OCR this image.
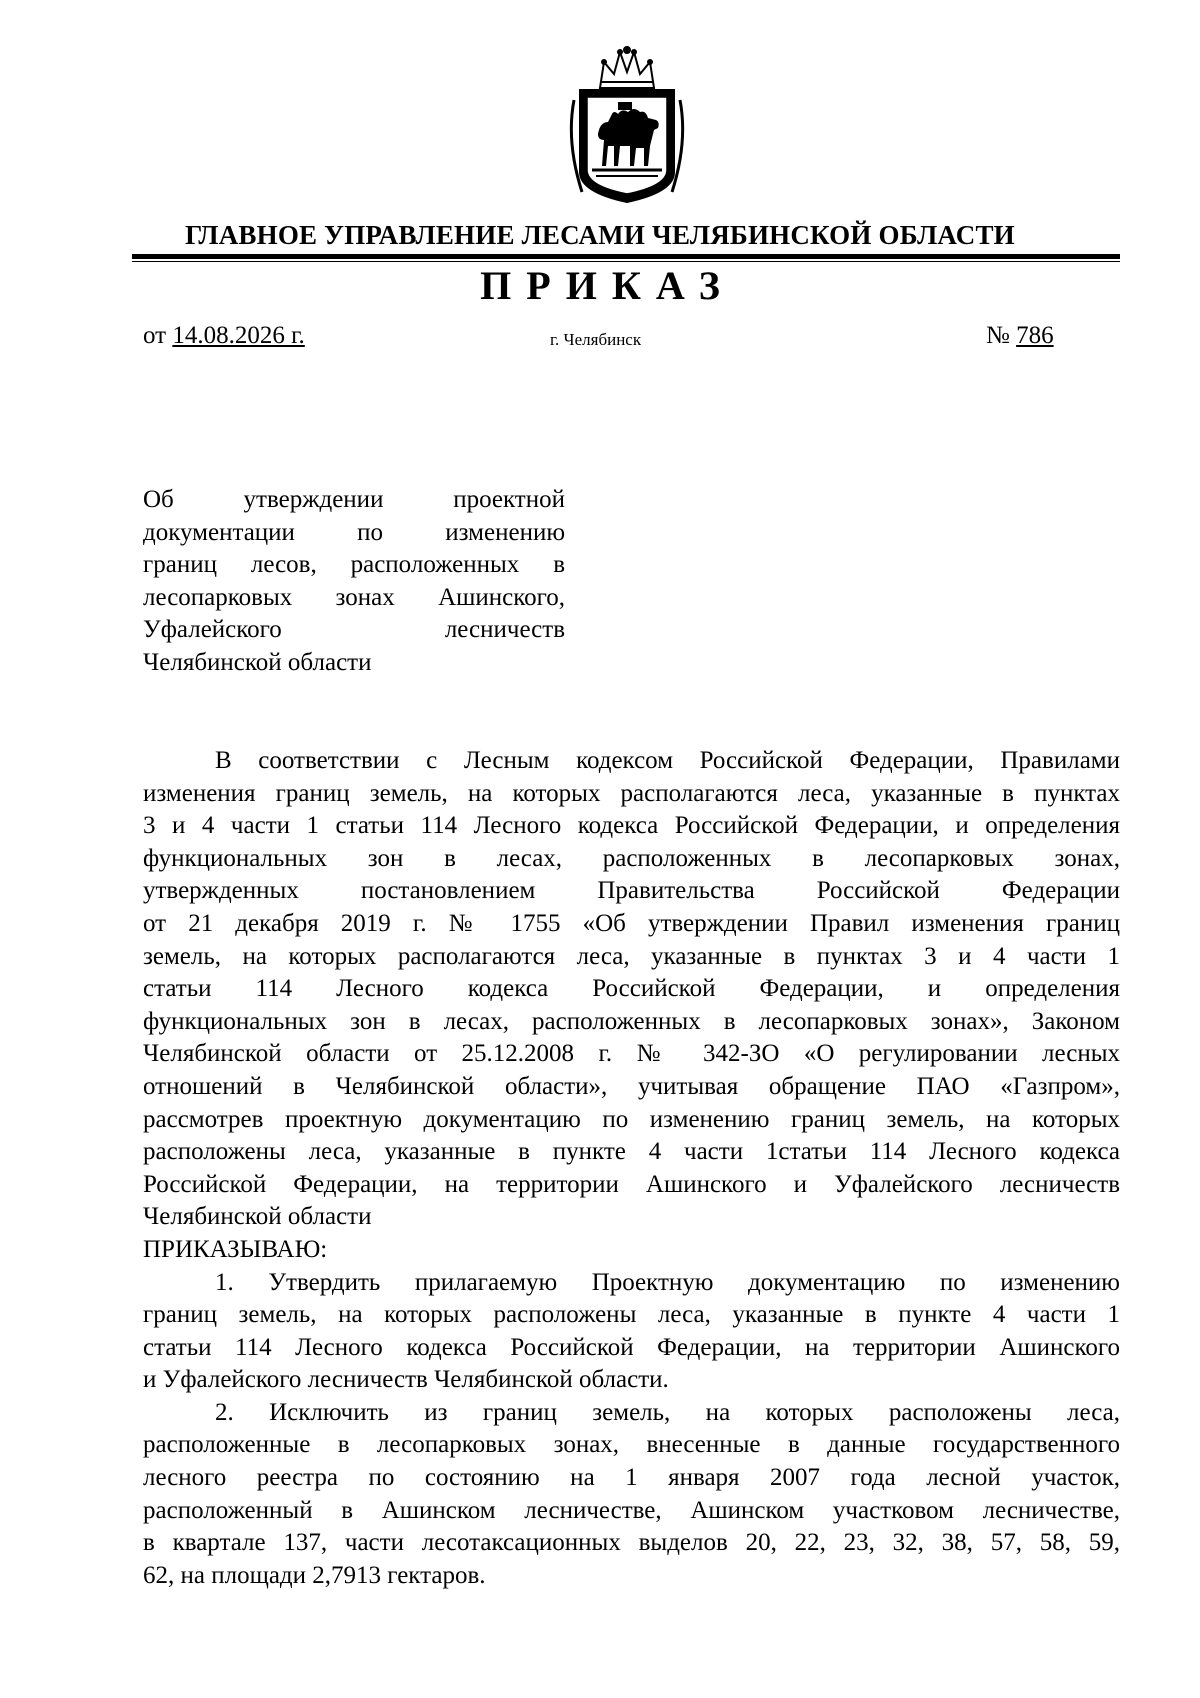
ГЛАВНОЕ УПРАВЛЕНИЕ ЛЕСАМИ ЧЕЛЯБИНСКОЙ ОБЛАСТИ
ПРИКАЗ
от 14.08.2026 г.	г. Челябинск	№ 786
Об утверждении проектной
документации по изменению
границ лесов, расположенных в
лесопарковых зонах Ашинского,
Уфалейского лесничеств
Челябинской области
В соответствии с Лесным кодексом Российской Федерации, Правилами
изменения границ земель, на которых располагаются леса, указанные в пунктах
3 и 4 части 1 статьи 114 Лесного кодекса Российской Федерации, и определения
функциональных зон в лесах, расположенных в лесопарковых зонах,
утвержденных постановлением Правительства Российской Федерации
от 21 декабря 2019 г. № 1755 «Об утверждении Правил изменения границ
земель, на которых располагаются леса, указанные в пунктах 3 и 4 части 1
статьи 114 Лесного кодекса Российской Федерации, и определения
функциональных зон в лесах, расположенных в лесопарковых зонах», Законом
Челябинской области от 25.12.2008 г. № 342-ЗО «О регулировании лесных
отношений в Челябинской области», учитывая обращение ПАО «Газпром»,
рассмотрев проектную документацию по изменению границ земель, на которых
расположены леса, указанные в пункте 4 части 1статьи 114 Лесного кодекса
Российской Федерации, на территории Ашинского и Уфалейского лесничеств
Челябинской области
ПРИКАЗЫВАЮ:
1. Утвердить прилагаемую Проектную документацию по изменению
границ земель, на которых расположены леса, указанные в пункте 4 части 1
статьи 114 Лесного кодекса Российской Федерации, на территории Ашинского
и Уфалейского лесничеств Челябинской области.
2. Исключить из границ земель, на которых расположены леса,
расположенные в лесопарковых зонах, внесенные в данные государственного
лесного реестра по состоянию на 1 января 2007 года лесной участок,
расположенный в Ашинском лесничестве, Ашинском участковом лесничестве,
в квартале 137, части лесотаксационных выделов 20, 22, 23, 32, 38, 57, 58, 59,
62, на площади 2,7913 гектаров.
